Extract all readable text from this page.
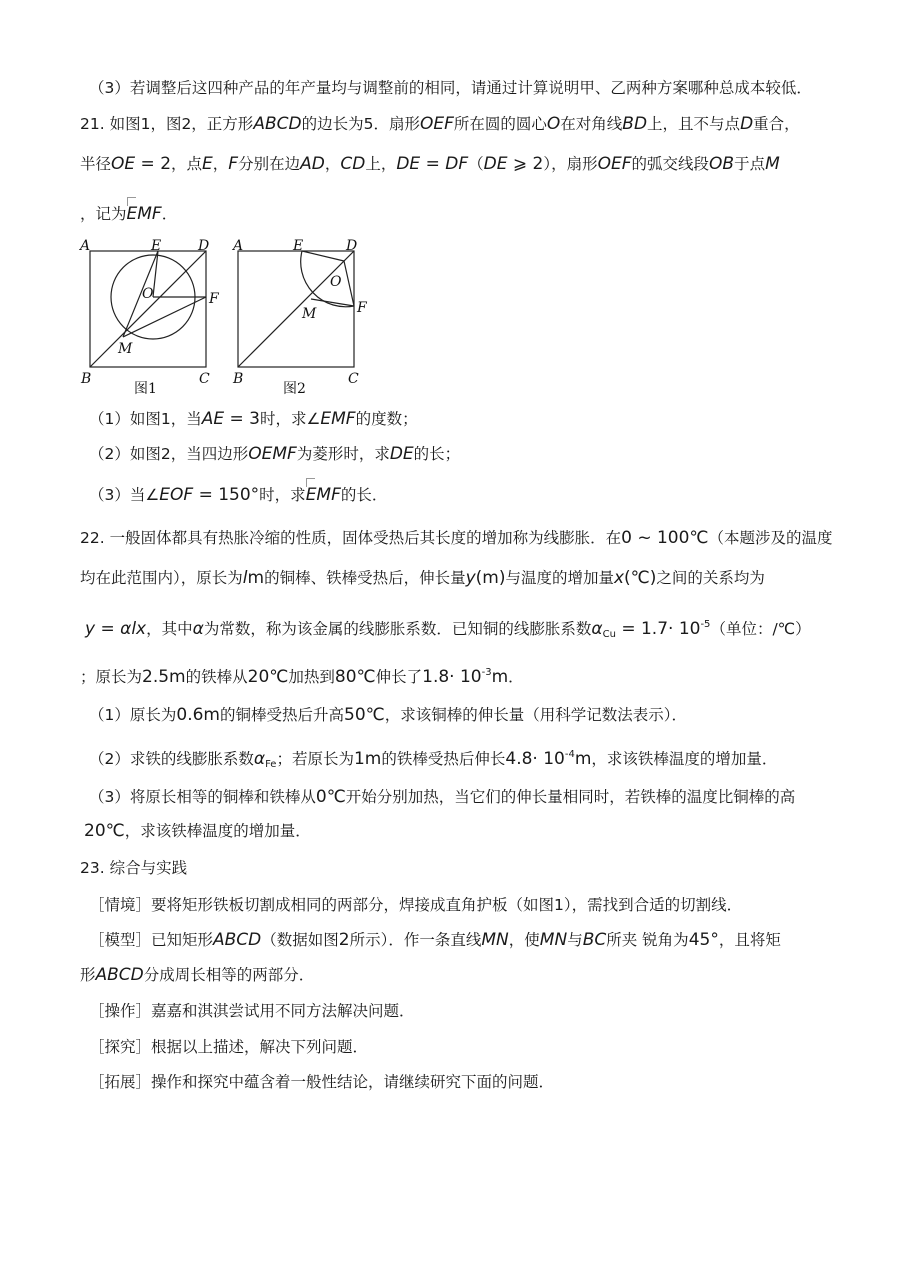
（3）若调整后这四种产品的年产量均与调整前的相同，请通过计算说明甲、乙两种方案哪种总成本较低．
21. 如图1，图2，正方形ABCD的边长为5．扇形OEF所在圆的圆心O在对角线BD上，且不与点D重合，
半径OE = 2，点E，F分别在边AD，CD上，DE = DF（DE ⩾ 2），扇形OEF的弧交线段OB于点M
，记为EMF．
A	E	D
O	F
M
B	C
图1
A	E	D
O
F
M
B	C
图2
（1）如图1，当AE = 3时，求∠EMF的度数；
（2）如图2，当四边形OEMF为菱形时，求DE的长；
（3）当∠EOF = 150°时，求EMF的长．
22. 一般固体都具有热胀冷缩的性质，固体受热后其长度的增加称为线膨胀．在0 ~ 100℃（本题涉及的温度
均在此范围内），原长为lm的铜棒、铁棒受热后，伸长量y(m)与温度的增加量x(℃)之间的关系均为
y = αlx，其中α为常数，称为该金属的线膨胀系数．已知铜的线膨胀系数$\alpha_{Cu} = 1.7\cdot 10^{-5}$（单位：/℃）
；原长为2.5m的铁棒从20℃加热到80℃伸长了$1.8\cdot 10^{-3}m$．
（1）原长为0.6m的铜棒受热后升高50℃，求该铜棒的伸长量（用科学记数法表示）．
（2）求铁的线膨胀系数$\alpha_{Fe}$；若原长为1m的铁棒受热后伸长$4.8\cdot 10^{-4}m$，求该铁棒温度的增加量．
（3）将原长相等的铜棒和铁棒从0℃开始分别加热，当它们的伸长量相同时，若铁棒的温度比铜棒的高
20℃，求该铁棒温度的增加量．
23. 综合与实践
［情境］要将矩形铁板切割成相同的两部分，焊接成直角护板（如图1），需找到合适的切割线．
［模型］已知矩形ABCD（数据如图2所示）．作一条直线MN，使MN与BC所夹 锐角为45°，且将矩
形ABCD分成周长相等的两部分．
［操作］嘉嘉和淇淇尝试用不同方法解决问题．
［探究］根据以上描述，解决下列问题．
［拓展］操作和探究中蕴含着一般性结论，请继续研究下面的问题．
